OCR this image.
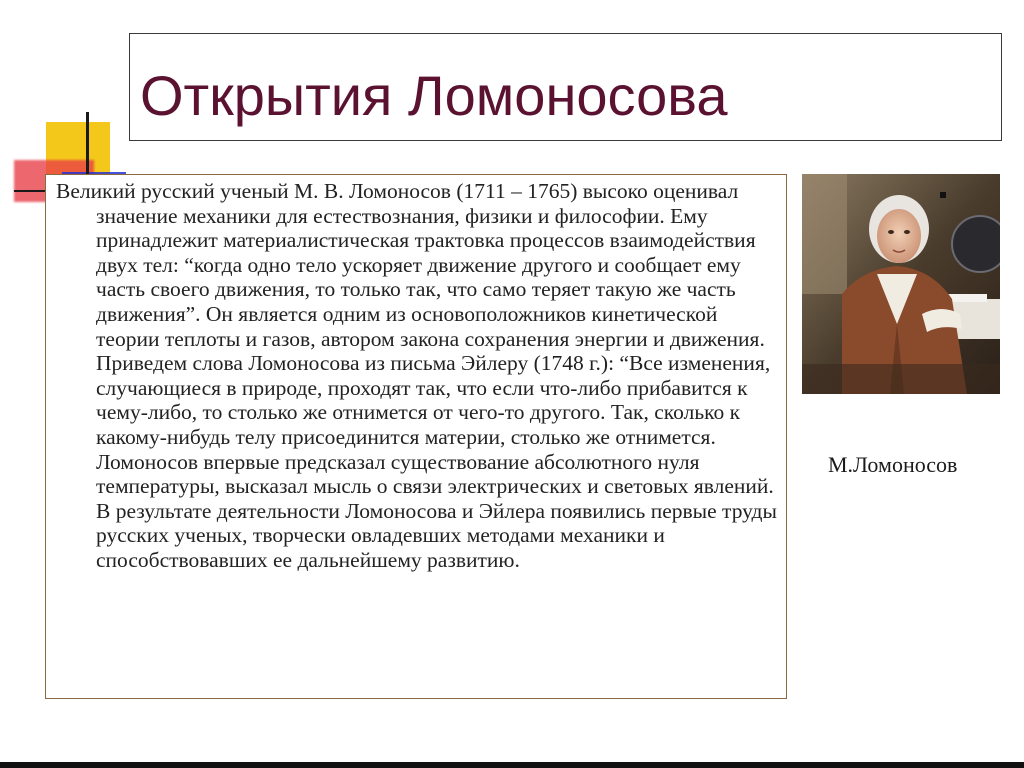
Открытия Ломоносова
Великий русский ученый М. В. Ломоносов (1711 – 1765) высоко оценивал значение механики для естествознания, физики и философии. Ему принадлежит материалистическая трактовка процессов взаимодействия двух тел: “когда одно тело ускоряет движение другого и сообщает ему часть своего движения, то только так, что само теряет такую же часть движения”. Он является одним из основоположников кинетической теории теплоты и газов, автором закона сохранения энергии и движения. Приведем слова Ломоносова из письма Эйлеру (1748 г.): “Все изменения, случающиеся в природе, проходят так, что если что-либо прибавится к чему-либо, то столько же отнимется от чего-то другого. Так, сколько к какому-нибудь телу присоединится материи, столько же отнимется. Ломоносов впервые предсказал существование абсолютного нуля температуры, высказал мысль о связи электрических и световых явлений. В результате деятельности Ломоносова и Эйлера появились первые труды русских ученых, творчески овладевших методами механики и способствовавших ее дальнейшему развитию.
М.Ломоносов
